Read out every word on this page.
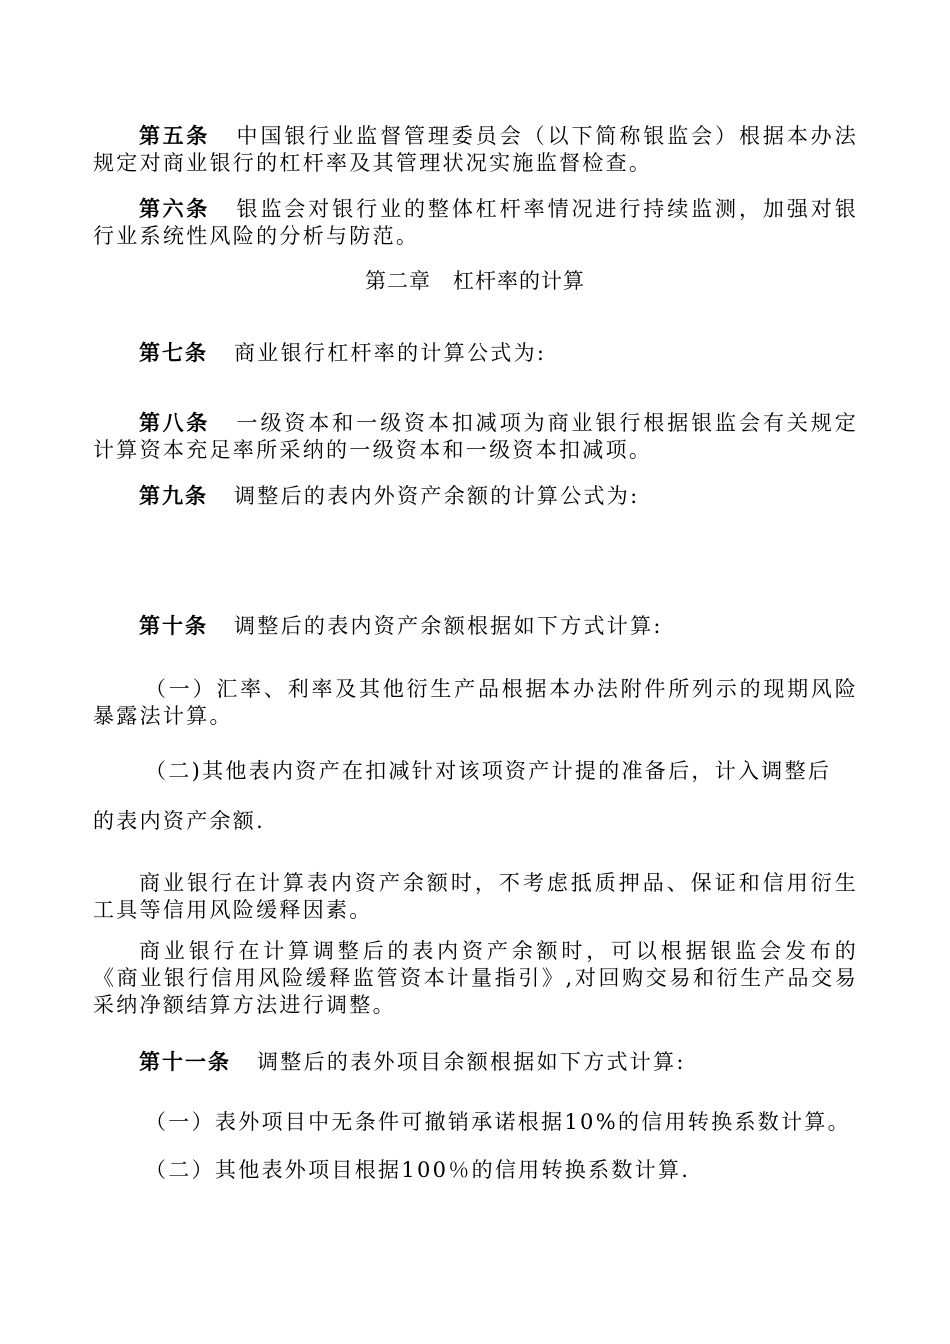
第五条 中国银行业监督管理委员会（以下简称银监会）根据本办法规定对商业银行的杠杆率及其管理状况实施监督检查。

第六条 银监会对银行业的整体杠杆率情况进行持续监测，加强对银行业系统性风险的分析与防范。

第二章 杠杆率的计算

第七条 商业银行杠杆率的计算公式为:

第八条 一级资本和一级资本扣减项为商业银行根据银监会有关规定计算资本充足率所采纳的一级资本和一级资本扣减项。

第九条 调整后的表内外资产余额的计算公式为:

第十条 调整后的表内资产余额根据如下方式计算:

（一）汇率、利率及其他衍生产品根据本办法附件所列示的现期风险暴露法计算。

（二)其他表内资产在扣减针对该项资产计提的准备后，计入调整后

的表内资产余额.

商业银行在计算表内资产余额时，不考虑抵质押品、保证和信用衍生工具等信用风险缓释因素。

商业银行在计算调整后的表内资产余额时，可以根据银监会发布的《商业银行信用风险缓释监管资本计量指引》,对回购交易和衍生产品交易采纳净额结算方法进行调整。

第十一条 调整后的表外项目余额根据如下方式计算:

（一）表外项目中无条件可撤销承诺根据10%的信用转换系数计算。

（二）其他表外项目根据100％的信用转换系数计算.
